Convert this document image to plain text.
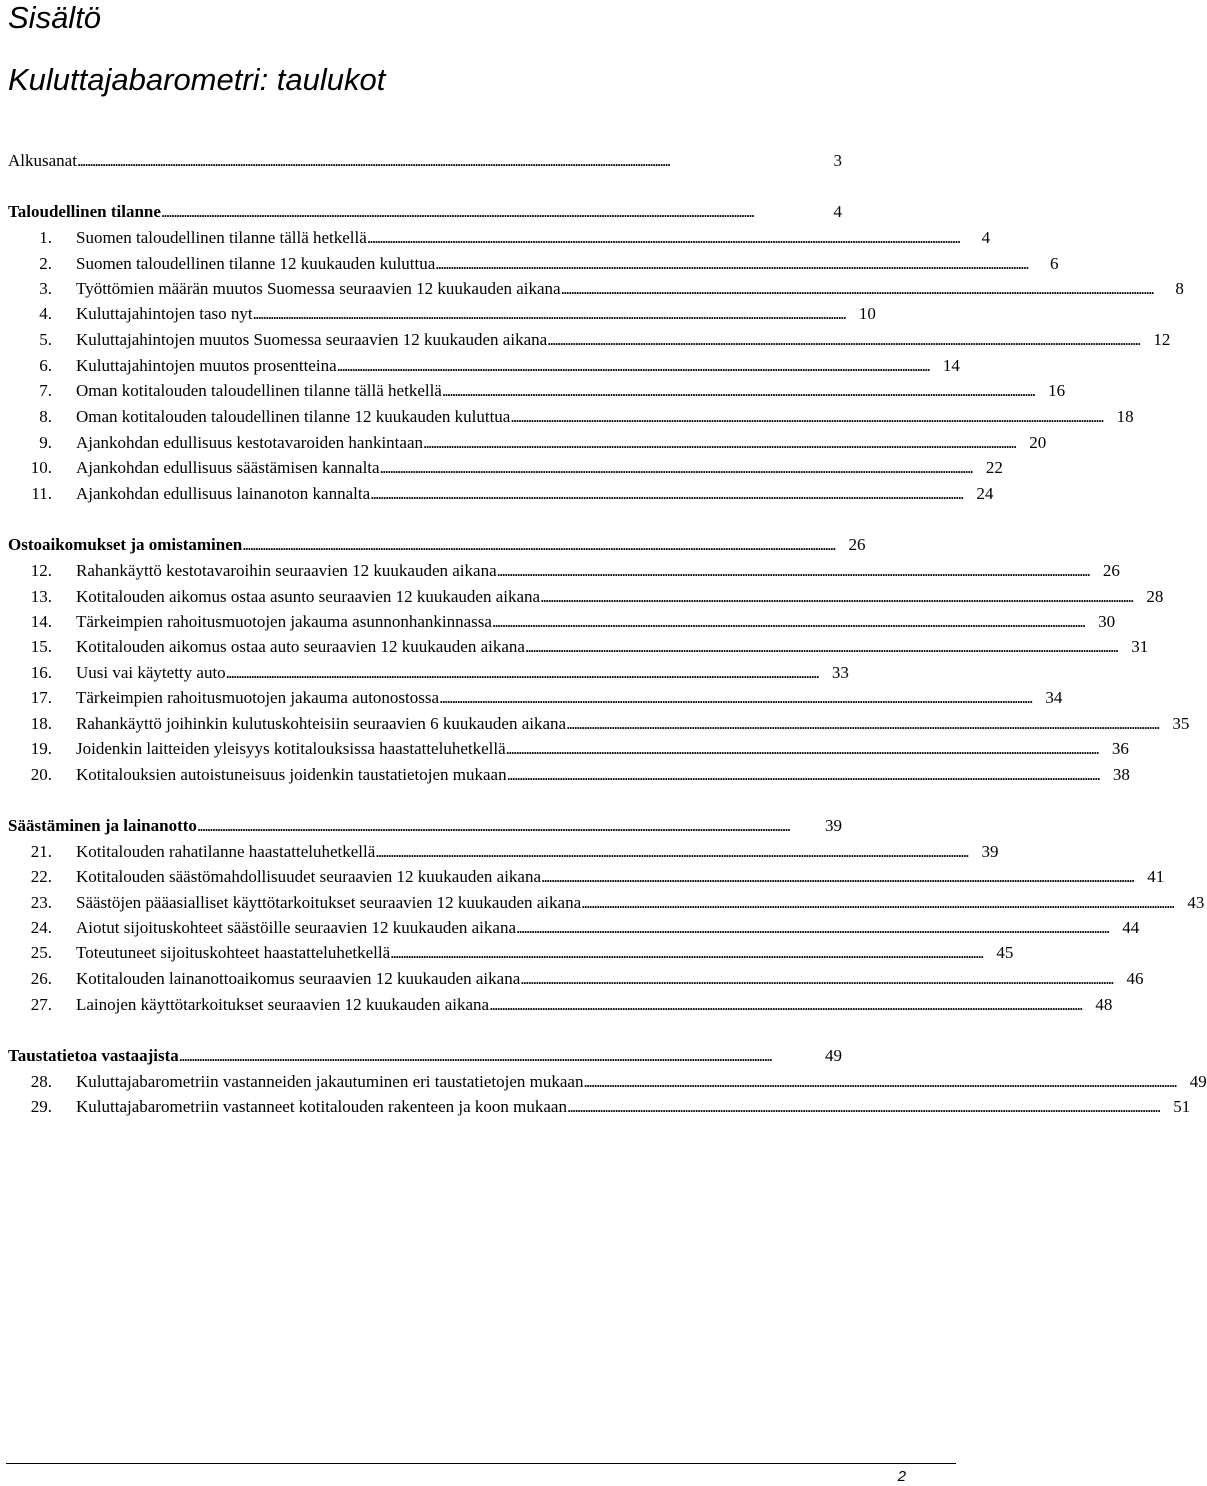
Sisältö
Kuluttajabarometri: taulukot
Alkusanat . . .	3
Taloudellinen tilanne . . .	4
1.	Suomen taloudellinen tilanne tällä hetkellä . . .	4
2.	Suomen taloudellinen tilanne 12 kuukauden kuluttua . . .	6
3.	Työttömien määrän muutos Suomessa seuraavien 12 kuukauden aikana . . .	8
4.	Kuluttajahintojen taso nyt . . .	10
5.	Kuluttajahintojen muutos Suomessa seuraavien 12 kuukauden aikana . . .	12
6.	Kuluttajahintojen muutos prosentteina . . .	14
7.	Oman kotitalouden taloudellinen tilanne tällä hetkellä . . .	16
8.	Oman kotitalouden taloudellinen tilanne 12 kuukauden kuluttua . . .	18
9.	Ajankohdan edullisuus kestotavaroiden hankintaan . . .	20
10.	Ajankohdan edullisuus säästämisen kannalta . . .	22
11.	Ajankohdan edullisuus lainanoton kannalta . . .	24
Ostoaikomukset ja omistaminen . . .	26
12.	Rahankäyttö kestotavaroihin seuraavien 12 kuukauden aikana . . .	26
13.	Kotitalouden aikomus ostaa asunto seuraavien 12 kuukauden aikana . . .	28
14.	Tärkeimpien rahoitusmuotojen jakauma asunnonhankinnassa . . .	30
15.	Kotitalouden aikomus ostaa auto seuraavien 12 kuukauden aikana . . .	31
16.	Uusi vai käytetty auto . . .	33
17.	Tärkeimpien rahoitusmuotojen jakauma autonostossa . . .	34
18.	Rahankäyttö joihinkin kulutuskohteisiin seuraavien 6 kuukauden aikana . . .	35
19.	Joidenkin laitteiden yleisyys kotitalouksissa haastatteluhetkellä . . .	36
20.	Kotitalouksien autoistuneisuus joidenkin taustatietojen mukaan . . .	38
Säästäminen ja lainanotto . . .	39
21.	Kotitalouden rahatilanne haastatteluhetkellä . . .	39
22.	Kotitalouden säästömahdollisuudet seuraavien 12 kuukauden aikana . . .	41
23.	Säästöjen pääasialliset käyttötarkoitukset seuraavien 12 kuukauden aikana . . .	43
24.	Aiotut sijoituskohteet säästöille seuraavien 12 kuukauden aikana . . .	44
25.	Toteutuneet sijoituskohteet haastatteluhetkellä . . .	45
26.	Kotitalouden lainanottoaikomus seuraavien 12 kuukauden aikana . . .	46
27.	Lainojen käyttötarkoitukset seuraavien 12 kuukauden aikana . . .	48
Taustatietoa vastaajista . . .	49
28.	Kuluttajabarometriin vastanneiden jakautuminen eri taustatietojen mukaan . . .	49
29.	Kuluttajabarometriin vastanneet kotitalouden rakenteen ja koon mukaan . . .	51
2
